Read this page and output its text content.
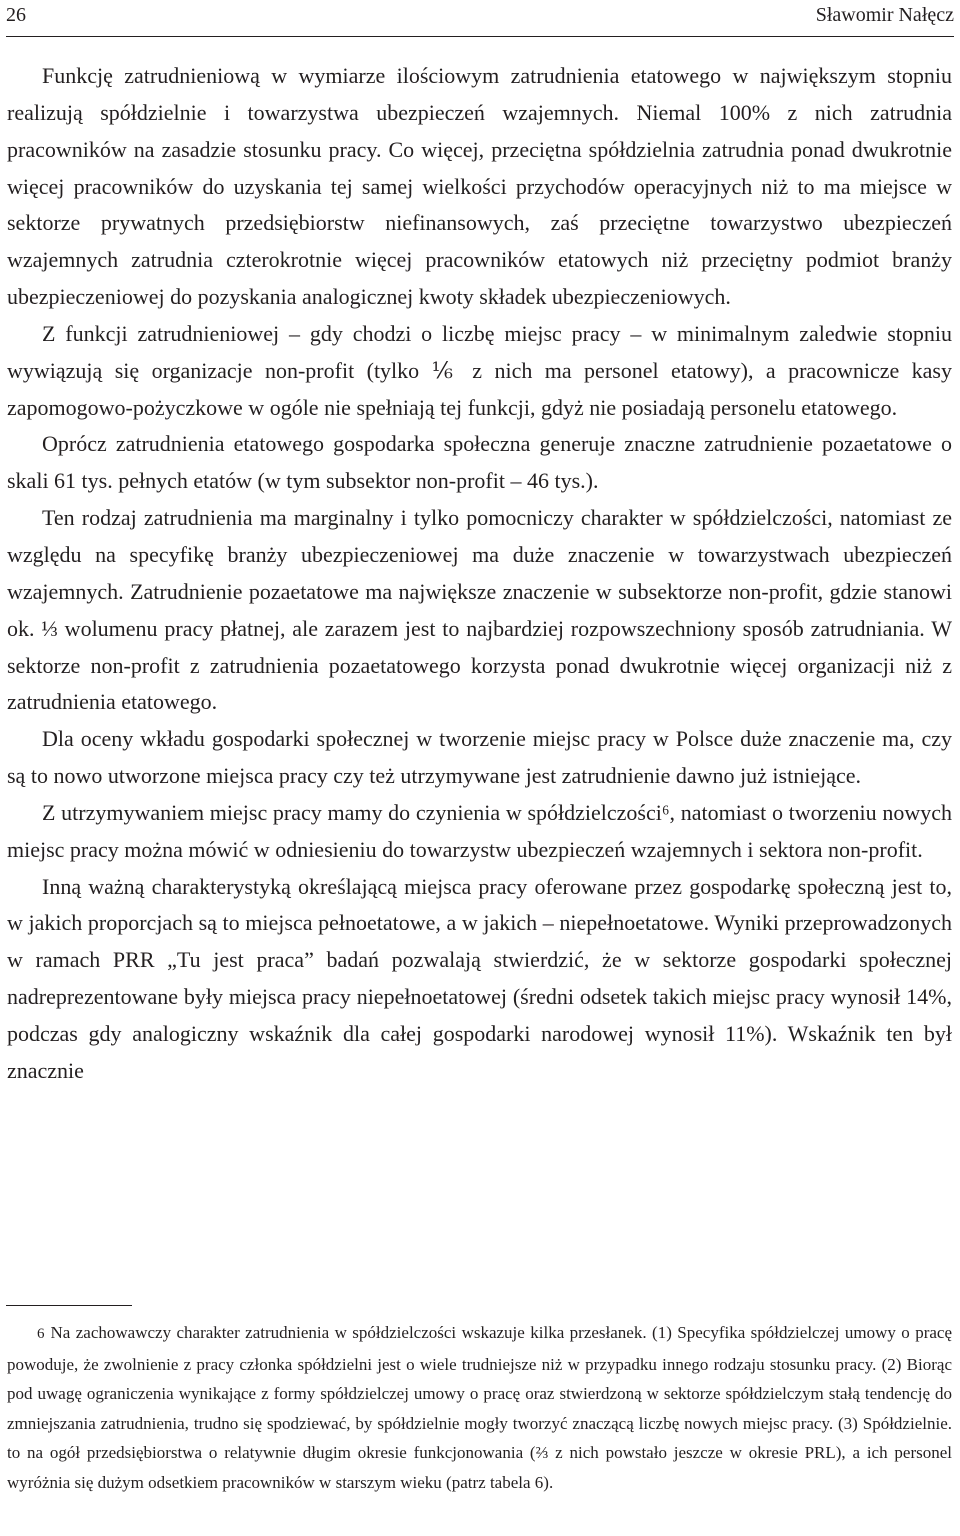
26	Sławomir Nałęcz

Funkcję zatrudnieniową w wymiarze ilościowym zatrudnienia etatowego w największym stopniu realizują spółdzielnie i towarzystwa ubezpieczeń wzajemnych. Niemal 100% z nich zatrudnia pracowników na zasadzie stosunku pracy. Co więcej, przeciętna spółdzielnia zatrudnia ponad dwukrotnie więcej pracowników do uzyskania tej samej wielkości przychodów operacyjnych niż to ma miejsce w sektorze prywatnych przedsiębiorstw niefinansowych, zaś przeciętne towarzystwo ubezpieczeń wzajemnych zatrudnia czterokrotnie więcej pracowników etatowych niż przeciętny podmiot branży ubezpieczeniowej do pozyskania analogicznej kwoty składek ubezpieczeniowych.

Z funkcji zatrudnieniowej – gdy chodzi o liczbę miejsc pracy – w minimalnym zaledwie stopniu wywiązują się organizacje non-profit (tylko ⅙ z nich ma personel etatowy), a pracownicze kasy zapomogowo-pożyczkowe w ogóle nie spełniają tej funkcji, gdyż nie posiadają personelu etatowego.

Oprócz zatrudnienia etatowego gospodarka społeczna generuje znaczne zatrudnienie pozaetatowe o skali 61 tys. pełnych etatów (w tym subsektor non-profit – 46 tys.).

Ten rodzaj zatrudnienia ma marginalny i tylko pomocniczy charakter w spółdzielczości, natomiast ze względu na specyfikę branży ubezpieczeniowej ma duże znaczenie w towarzystwach ubezpieczeń wzajemnych. Zatrudnienie pozaetatowe ma największe znaczenie w subsektorze non-profit, gdzie stanowi ok. ⅓ wolumenu pracy płatnej, ale zarazem jest to najbardziej rozpowszechniony sposób zatrudniania. W sektorze non-profit z zatrudnienia pozaetatowego korzysta ponad dwukrotnie więcej organizacji niż z zatrudnienia etatowego.

Dla oceny wkładu gospodarki społecznej w tworzenie miejsc pracy w Polsce duże znaczenie ma, czy są to nowo utworzone miejsca pracy czy też utrzymywane jest zatrudnienie dawno już istniejące.

Z utrzymywaniem miejsc pracy mamy do czynienia w spółdzielczości⁶, natomiast o tworzeniu nowych miejsc pracy można mówić w odniesieniu do towarzystw ubezpieczeń wzajemnych i sektora non-profit.

Inną ważną charakterystyką określającą miejsca pracy oferowane przez gospodarkę społeczną jest to, w jakich proporcjach są to miejsca pełnoetatowe, a w jakich – niepełnoetatowe. Wyniki przeprowadzonych w ramach PRR „Tu jest praca” badań pozwalają stwierdzić, że w sektorze gospodarki społecznej nadreprezentowane były miejsca pracy niepełnoetatowej (średni odsetek takich miejsc pracy wynosił 14%, podczas gdy analogiczny wskaźnik dla całej gospodarki narodowej wynosił 11%). Wskaźnik ten był znacznie

6 Na zachowawczy charakter zatrudnienia w spółdzielczości wskazuje kilka przesłanek. (1) Specyfika spółdzielczej umowy o pracę powoduje, że zwolnienie z pracy członka spółdzielni jest o wiele trudniejsze niż w przypadku innego rodzaju stosunku pracy. (2) Biorąc pod uwagę ograniczenia wynikające z formy spółdzielczej umowy o pracę oraz stwierdzoną w sektorze spółdzielczym stałą tendencję do zmniejszania zatrudnienia, trudno się spodziewać, by spółdzielnie mogły tworzyć znaczącą liczbę nowych miejsc pracy. (3) Spółdzielnie. to na ogół przedsiębiorstwa o relatywnie długim okresie funkcjonowania (⅔ z nich powstało jeszcze w okresie PRL), a ich personel wyróżnia się dużym odsetkiem pracowników w starszym wieku (patrz tabela 6).
